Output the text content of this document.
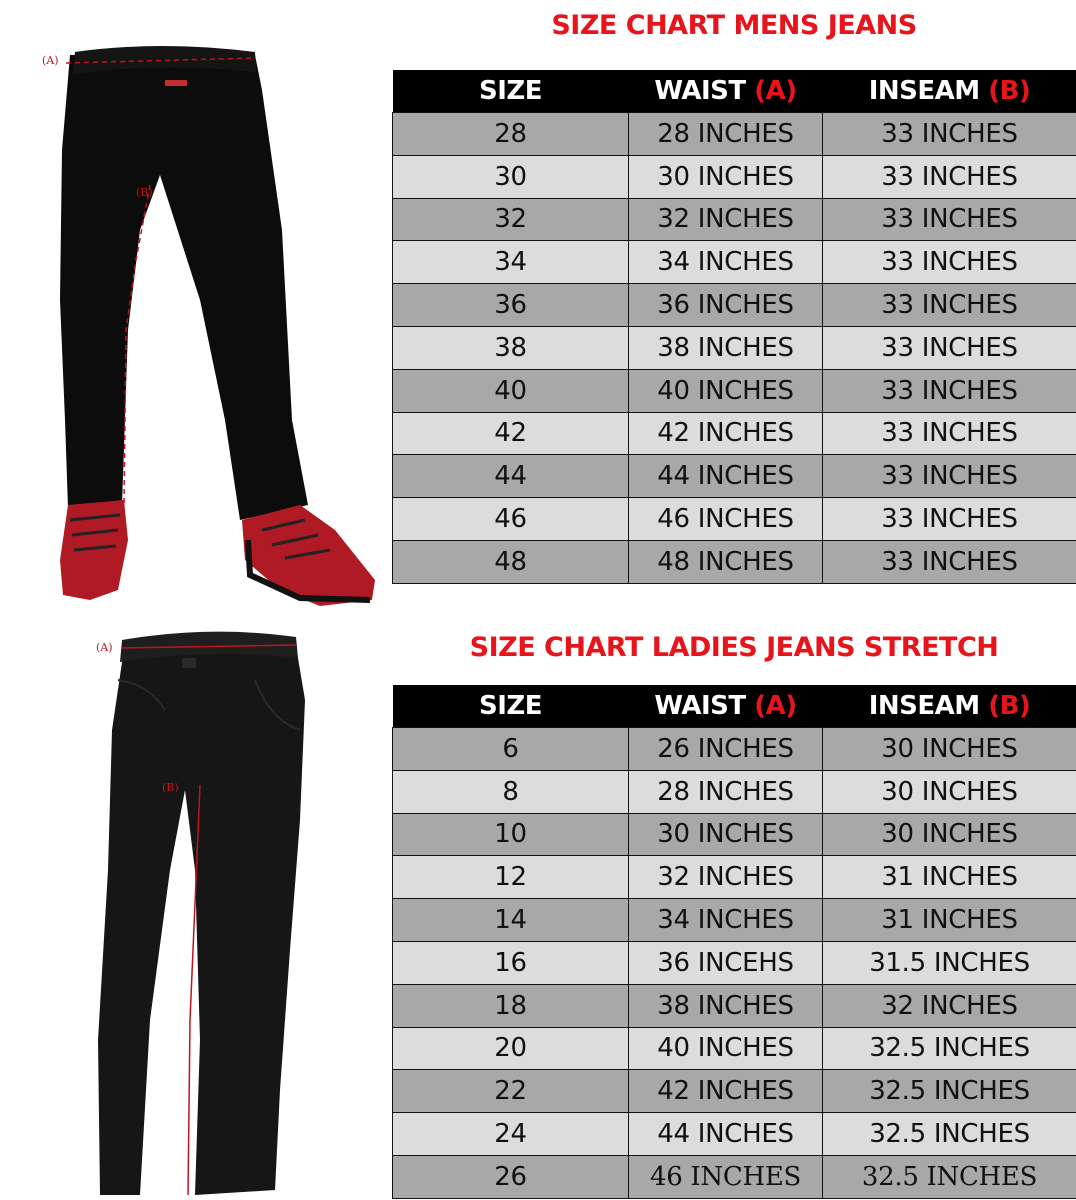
(A)
(B)
SIZE CHART MENS JEANS
SIZE	WAIST (A)	INSEAM (B)
28	28 INCHES	33 INCHES
30	30 INCHES	33 INCHES
32	32 INCHES	33 INCHES
34	34 INCHES	33 INCHES
36	36 INCHES	33 INCHES
38	38 INCHES	33 INCHES
40	40 INCHES	33 INCHES
42	42 INCHES	33 INCHES
44	44 INCHES	33 INCHES
46	46 INCHES	33 INCHES
48	48 INCHES	33 INCHES
(A)
(B)
SIZE CHART LADIES JEANS STRETCH
SIZE	WAIST (A)	INSEAM (B)
6	26 INCHES	30 INCHES
8	28 INCHES	30 INCHES
10	30 INCHES	30 INCHES
12	32 INCHES	31 INCHES
14	34 INCHES	31 INCHES
16	36 INCEHS	31.5 INCHES
18	38 INCHES	32 INCHES
20	40 INCHES	32.5 INCHES
22	42 INCHES	32.5 INCHES
24	44 INCHES	32.5 INCHES
26	46 INCHES	32.5 INCHES
